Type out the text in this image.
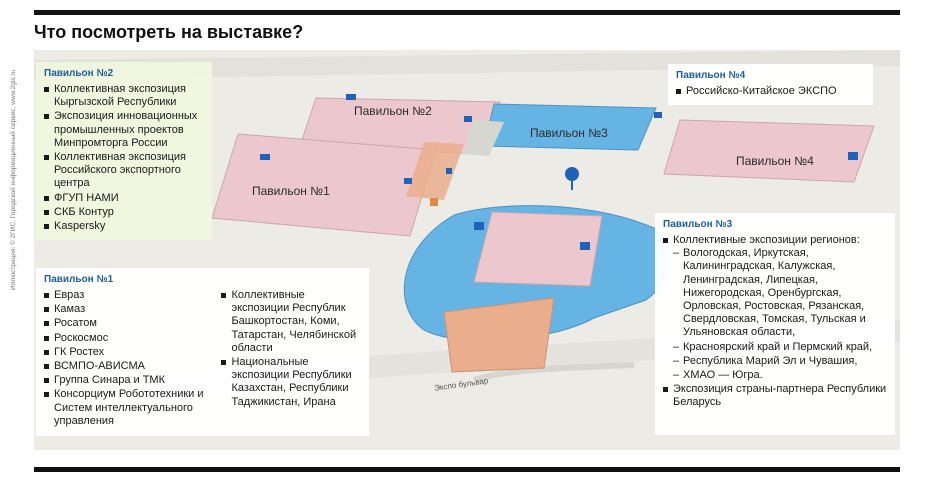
Что посмотреть на выставке?
Иллюстрация: © 2ГИС. Городской информационный сервис, www.2gis.ru	Павильон №2
Павильон №1
Павильон №3
Павильон №4
Экспо бульвар
Павильон №2
Коллективная экспозиция Кыргызской Республики
Экспозиция инновационных промышленных проектов Минпромторга России
Коллективная экспозиция Российского экспортного центра
ФГУП НАМИ
СКБ Контур
Kaspersky
Павильон №1
Евраз
Камаз
Росатом
Роскосмос
ГК Ростех
ВСМПО-АВИСМА
Группа Синара и ТМК
Консорциум Робототехники и Систем интеллектуального управления
Коллективные экспозиции Республик Башкортостан, Коми, Татарстан, Челябинской области
Национальные экспозиции Республики Казахстан, Республики Таджикистан, Ирана
Павильон №4
Российско-Китайское ЭКСПО
Павильон №3
Коллективные экспозиции регионов:
– Вологодская, Иркутская, Калининградская, Калужская, Ленинградская, Липецкая, Нижегородская, Оренбургская, Орловская, Ростовская, Рязанская, Свердловская, Томская, Тульская и Ульяновская области,
– Красноярский край и Пермский край,
– Республика Марий Эл и Чувашия,
– ХМАО — Югра.
Экспозиция страны-партнера Республики Беларусь
